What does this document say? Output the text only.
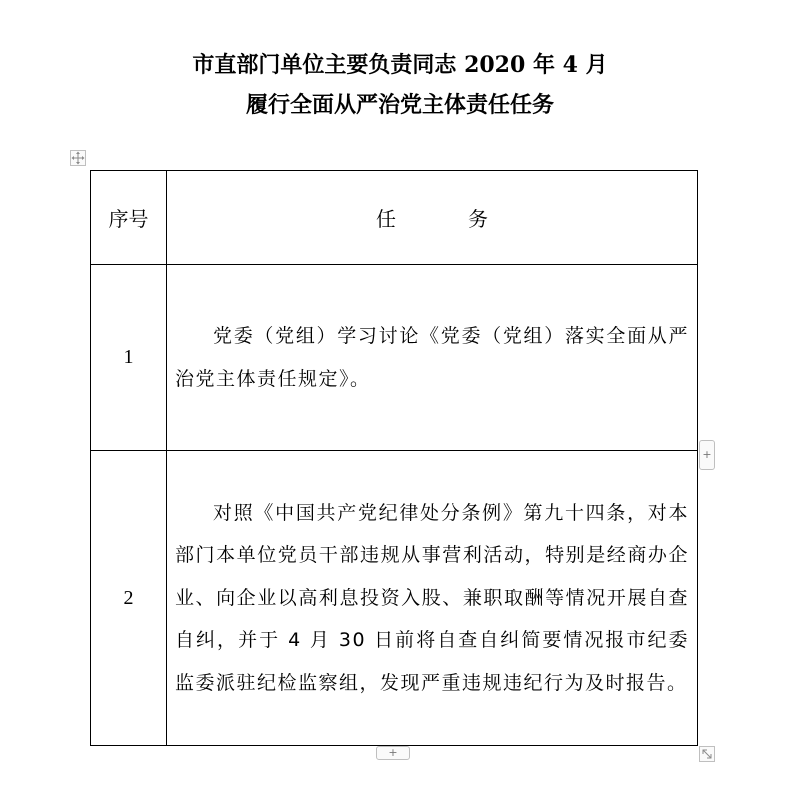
市直部门单位主要负责同志 2020 年 4 月
履行全面从严治党主体责任任务
序号	任 务
1	党委（党组）学习讨论《党委（党组）落实全面从严治党主体责任规定》。

2	对照《中国共产党纪律处分条例》第九十四条，对本部门本单位党员干部违规从事营利活动，特别是经商办企业、向企业以高利息投资入股、兼职取酬等情况开展自查自纠，并于 4 月 30 日前将自查自纠简要情况报市纪委监委派驻纪检监察组，发现严重违规违纪行为及时报告。

+
+
